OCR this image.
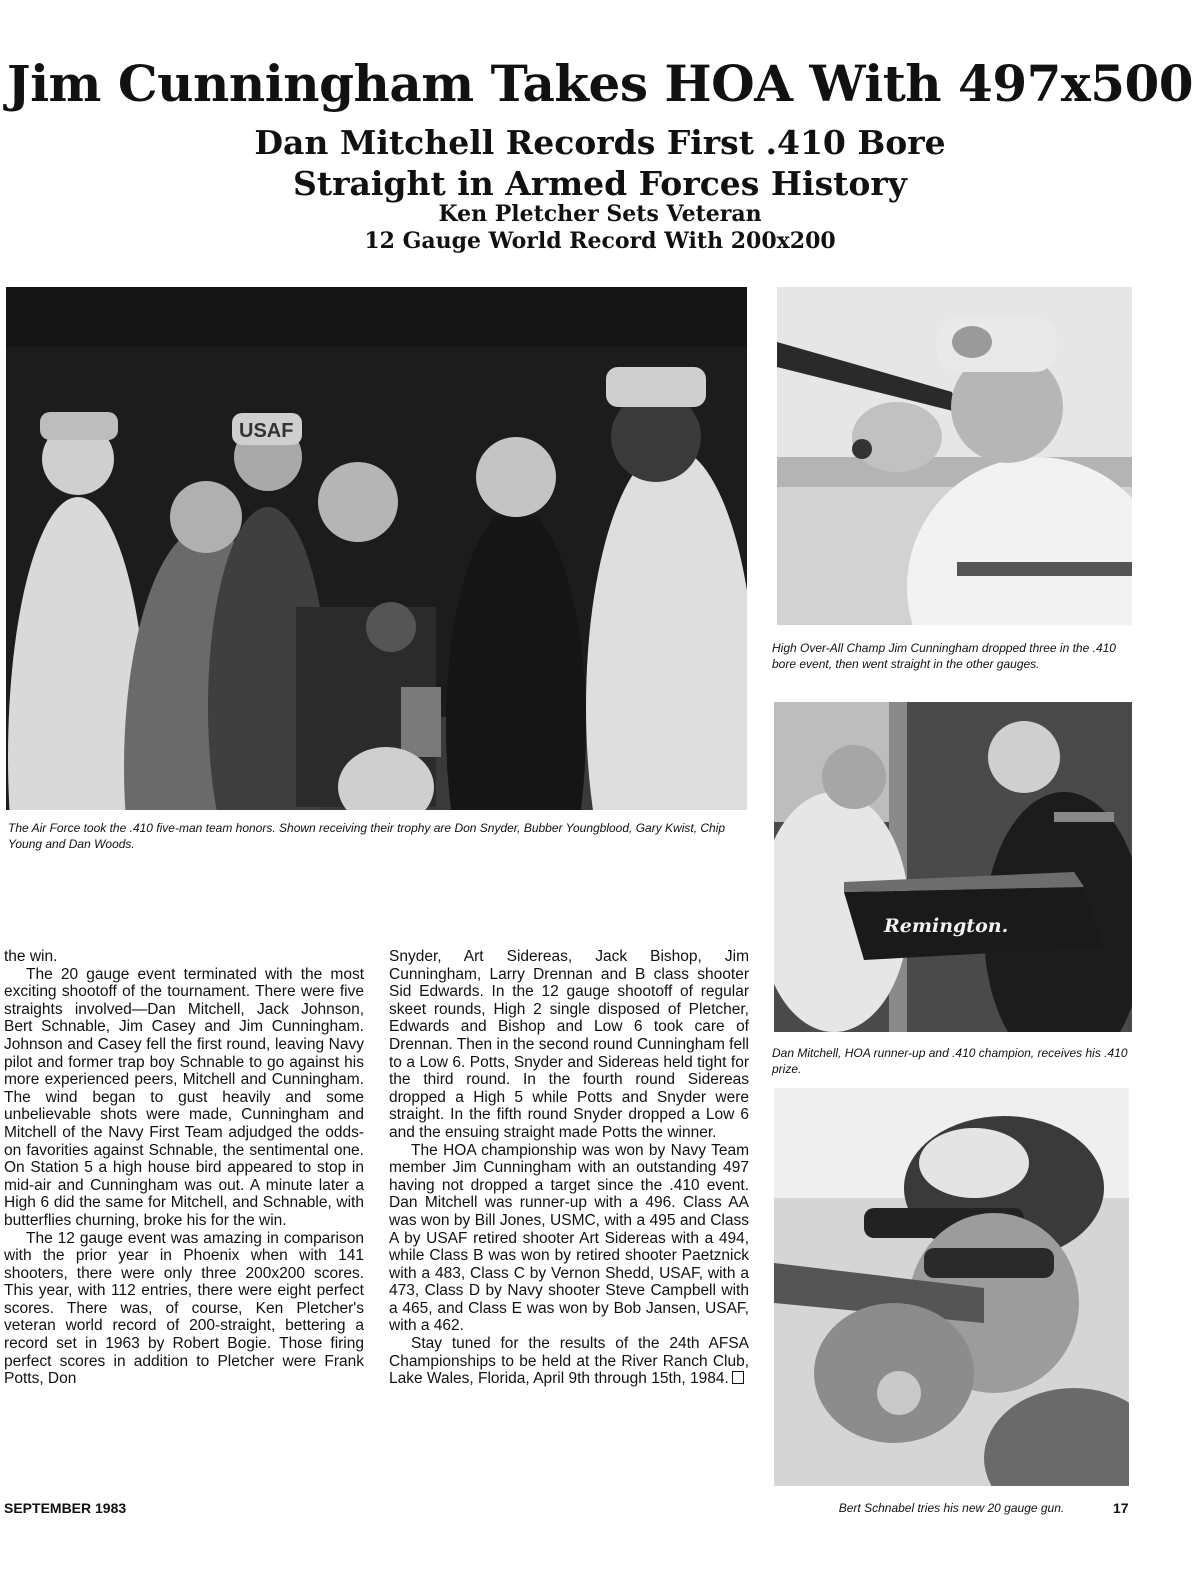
Jim Cunningham Takes HOA With 497x500
Dan Mitchell Records First .410 Bore
Straight in Armed Forces History
Ken Pletcher Sets Veteran
12 Gauge World Record With 200x200
USAF
The Air Force took the .410 five-man team honors. Shown receiving their trophy are Don Snyder, Bubber Youngblood, Gary Kwist, Chip Young and Dan Woods.
High Over-All Champ Jim Cunningham dropped three in the .410 bore event, then went straight in the other gauges.
Remington.
Dan Mitchell, HOA runner-up and .410 champion, receives his .410 prize.
Bert Schnabel tries his new 20 gauge gun.

the win.

The 20 gauge event terminated with the most exciting shootoff of the tournament. There were five straights involved—Dan Mitchell, Jack Johnson, Bert Schnable, Jim Casey and Jim Cunningham. Johnson and Casey fell the first round, leaving Navy pilot and former trap boy Schnable to go against his more experienced peers, Mitchell and Cunningham. The wind began to gust heavily and some unbelievable shots were made, Cunningham and Mitchell of the Navy First Team adjudged the odds-on favorities against Schnable, the sentimental one. On Station 5 a high house bird appeared to stop in mid-air and Cunningham was out. A minute later a High 6 did the same for Mitchell, and Schnable, with butterflies churning, broke his for the win.

The 12 gauge event was amazing in comparison with the prior year in Phoenix when with 141 shooters, there were only three 200x200 scores. This year, with 112 entries, there were eight perfect scores. There was, of course, Ken Pletcher's veteran world record of 200-straight, bettering a record set in 1963 by Robert Bogie. Those firing perfect scores in addition to Pletcher were Frank Potts, Don

Snyder, Art Sidereas, Jack Bishop, Jim Cunningham, Larry Drennan and B class shooter Sid Edwards. In the 12 gauge shootoff of regular skeet rounds, High 2 single disposed of Pletcher, Edwards and Bishop and Low 6 took care of Drennan. Then in the second round Cunningham fell to a Low 6. Potts, Snyder and Sidereas held tight for the third round. In the fourth round Sidereas dropped a High 5 while Potts and Snyder were straight. In the fifth round Snyder dropped a Low 6 and the ensuing straight made Potts the winner.

The HOA championship was won by Navy Team member Jim Cunningham with an outstanding 497 having not dropped a target since the .410 event. Dan Mitchell was runner-up with a 496. Class AA was won by Bill Jones, USMC, with a 495 and Class A by USAF retired shooter Art Sidereas with a 494, while Class B was won by retired shooter Paetznick with a 483, Class C by Vernon Shedd, USAF, with a 473, Class D by Navy shooter Steve Campbell with a 465, and Class E was won by Bob Jansen, USAF, with a 462.

Stay tuned for the results of the 24th AFSA Championships to be held at the River Ranch Club, Lake Wales, Florida, April 9th through 15th, 1984.

SEPTEMBER 1983	17
